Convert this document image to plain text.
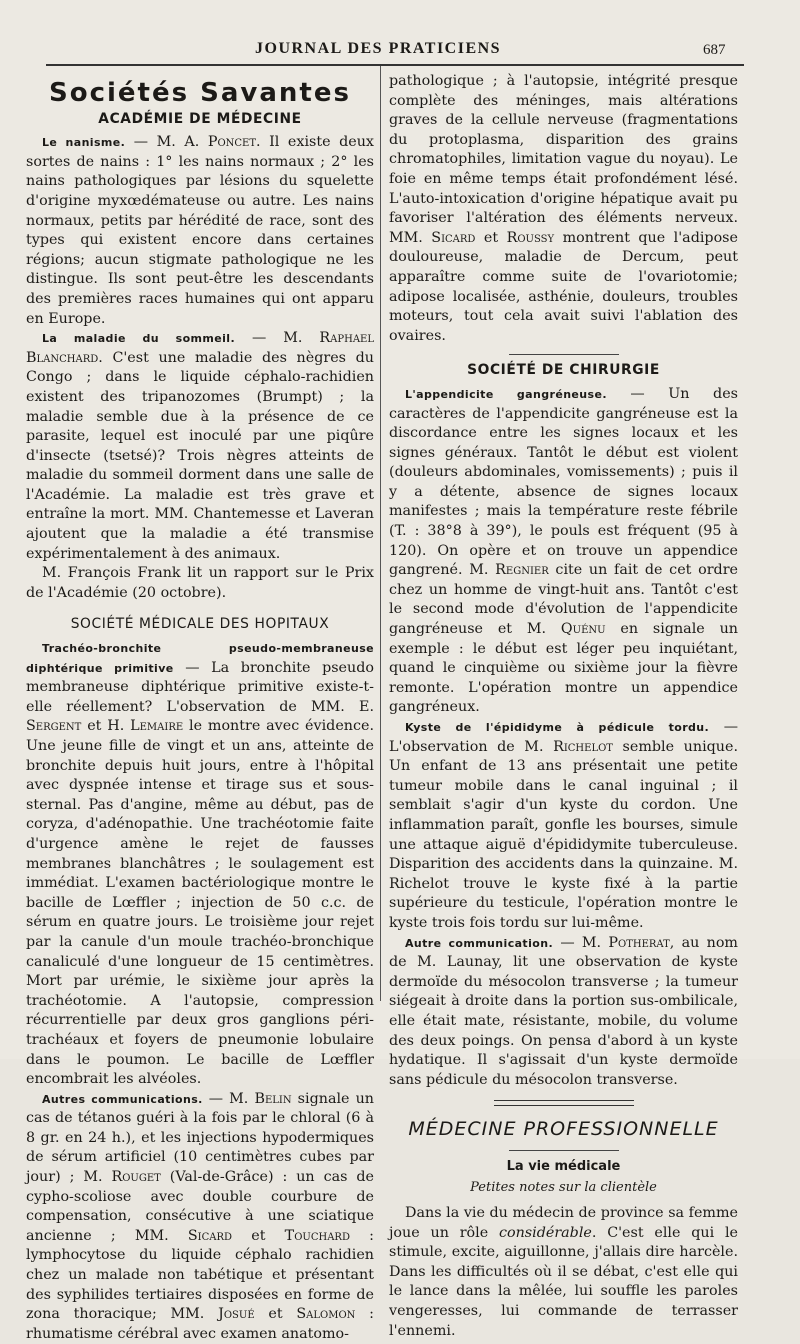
JOURNAL DES PRATICIENS	687
Sociétés Savantes
ACADÉMIE DE MÉDECINE

Le nanisme. — M. A. Poncet. Il existe deux sortes de nains : 1° les nains normaux ; 2° les nains pathologiques par lésions du squelette d'origine myxœdémateuse ou autre. Les nains normaux, petits par hérédité de race, sont des types qui existent encore dans certaines régions; aucun stigmate pathologique ne les distingue. Ils sont peut-être les descendants des premières races humaines qui ont apparu en Europe.

La maladie du sommeil. — M. Raphael Blanchard. C'est une maladie des nègres du Congo ; dans le liquide céphalo-rachidien existent des tripanozomes (Brumpt) ; la maladie semble due à la présence de ce parasite, lequel est inoculé par une piqûre d'insecte (tsetsé)? Trois nègres atteints de maladie du sommeil dorment dans une salle de l'Académie. La maladie est très grave et entraîne la mort. MM. Chantemesse et Laveran ajoutent que la maladie a été transmise expérimentalement à des animaux.

M. François Frank lit un rapport sur le Prix de l'Académie (20 octobre).

SOCIÉTÉ MÉDICALE DES HOPITAUX

Trachéo-bronchite pseudo-membraneuse diphtérique primitive — La bronchite pseudo membraneuse diphtérique primitive existe-t-elle réellement? L'observation de MM. E. Sergent et H. Lemaire le montre avec évidence. Une jeune fille de vingt et un ans, atteinte de bronchite depuis huit jours, entre à l'hôpital avec dyspnée intense et tirage sus et sous-sternal. Pas d'angine, même au début, pas de coryza, d'adénopathie. Une trachéotomie faite d'urgence amène le rejet de fausses membranes blanchâtres ; le soulagement est immédiat. L'examen bactériologique montre le bacille de Lœffler ; injection de 50 c.c. de sérum en quatre jours. Le troisième jour rejet par la canule d'un moule trachéo-bronchique canaliculé d'une longueur de 15 centimètres. Mort par urémie, le sixième jour après la trachéotomie. A l'autopsie, compression récurrentielle par deux gros ganglions péri-trachéaux et foyers de pneumonie lobulaire dans le poumon. Le bacille de Lœffler encombrait les alvéoles.

Autres communications. — M. Belin signale un cas de tétanos guéri à la fois par le chloral (6 à 8 gr. en 24 h.), et les injections hypodermiques de sérum artificiel (10 centimètres cubes par jour) ; M. Rouget (Val-de-Grâce) : un cas de cypho-scoliose avec double courbure de compensation, consécutive à une sciatique ancienne ; MM. Sicard et Touchard : lymphocytose du liquide céphalo rachidien chez un malade non tabétique et présentant des syphilides tertiaires disposées en forme de zona thoracique; MM. Josué et Salomon : rhumatisme cérébral avec examen anatomo-

pathologique ; à l'autopsie, intégrité presque complète des méninges, mais altérations graves de la cellule nerveuse (fragmentations du protoplasma, disparition des grains chromatophiles, limitation vague du noyau). Le foie en même temps était profondément lésé. L'auto-intoxication d'origine hépatique avait pu favoriser l'altération des éléments nerveux. MM. Sicard et Roussy montrent que l'adipose douloureuse, maladie de Dercum, peut apparaître comme suite de l'ovariotomie; adipose localisée, asthénie, douleurs, troubles moteurs, tout cela avait suivi l'ablation des ovaires.

SOCIÉTÉ DE CHIRURGIE

L'appendicite gangréneuse. — Un des caractères de l'appendicite gangréneuse est la discordance entre les signes locaux et les signes généraux. Tantôt le début est violent (douleurs abdominales, vomissements) ; puis il y a détente, absence de signes locaux manifestes ; mais la température reste fébrile (T. : 38°8 à 39°), le pouls est fréquent (95 à 120). On opère et on trouve un appendice gangrené. M. Regnier cite un fait de cet ordre chez un homme de vingt-huit ans. Tantôt c'est le second mode d'évolution de l'appendicite gangréneuse et M. Quénu en signale un exemple : le début est léger peu inquiétant, quand le cinquième ou sixième jour la fièvre remonte. L'opération montre un appendice gangréneux.

Kyste de l'épididyme à pédicule tordu. — L'observation de M. Richelot semble unique. Un enfant de 13 ans présentait une petite tumeur mobile dans le canal inguinal ; il semblait s'agir d'un kyste du cordon. Une inflammation paraît, gonfle les bourses, simule une attaque aiguë d'épididymite tuberculeuse. Disparition des accidents dans la quinzaine. M. Richelot trouve le kyste fixé à la partie supérieure du testicule, l'opération montre le kyste trois fois tordu sur lui-même.

Autre communication. — M. Potherat, au nom de M. Launay, lit une observation de kyste dermoïde du mésocolon transverse ; la tumeur siégeait à droite dans la portion sus-ombilicale, elle était mate, résistante, mobile, du volume des deux poings. On pensa d'abord à un kyste hydatique. Il s'agissait d'un kyste dermoïde sans pédicule du mésocolon transverse.

MÉDECINE PROFESSIONNELLE
La vie médicale
Petites notes sur la clientèle

Dans la vie du médecin de province sa femme joue un rôle considérable. C'est elle qui le stimule, excite, aiguillonne, j'allais dire harcèle. Dans les difficultés où il se débat, c'est elle qui le lance dans la mêlée, lui souffle les paroles vengeresses, lui commande de terrasser l'ennemi.
